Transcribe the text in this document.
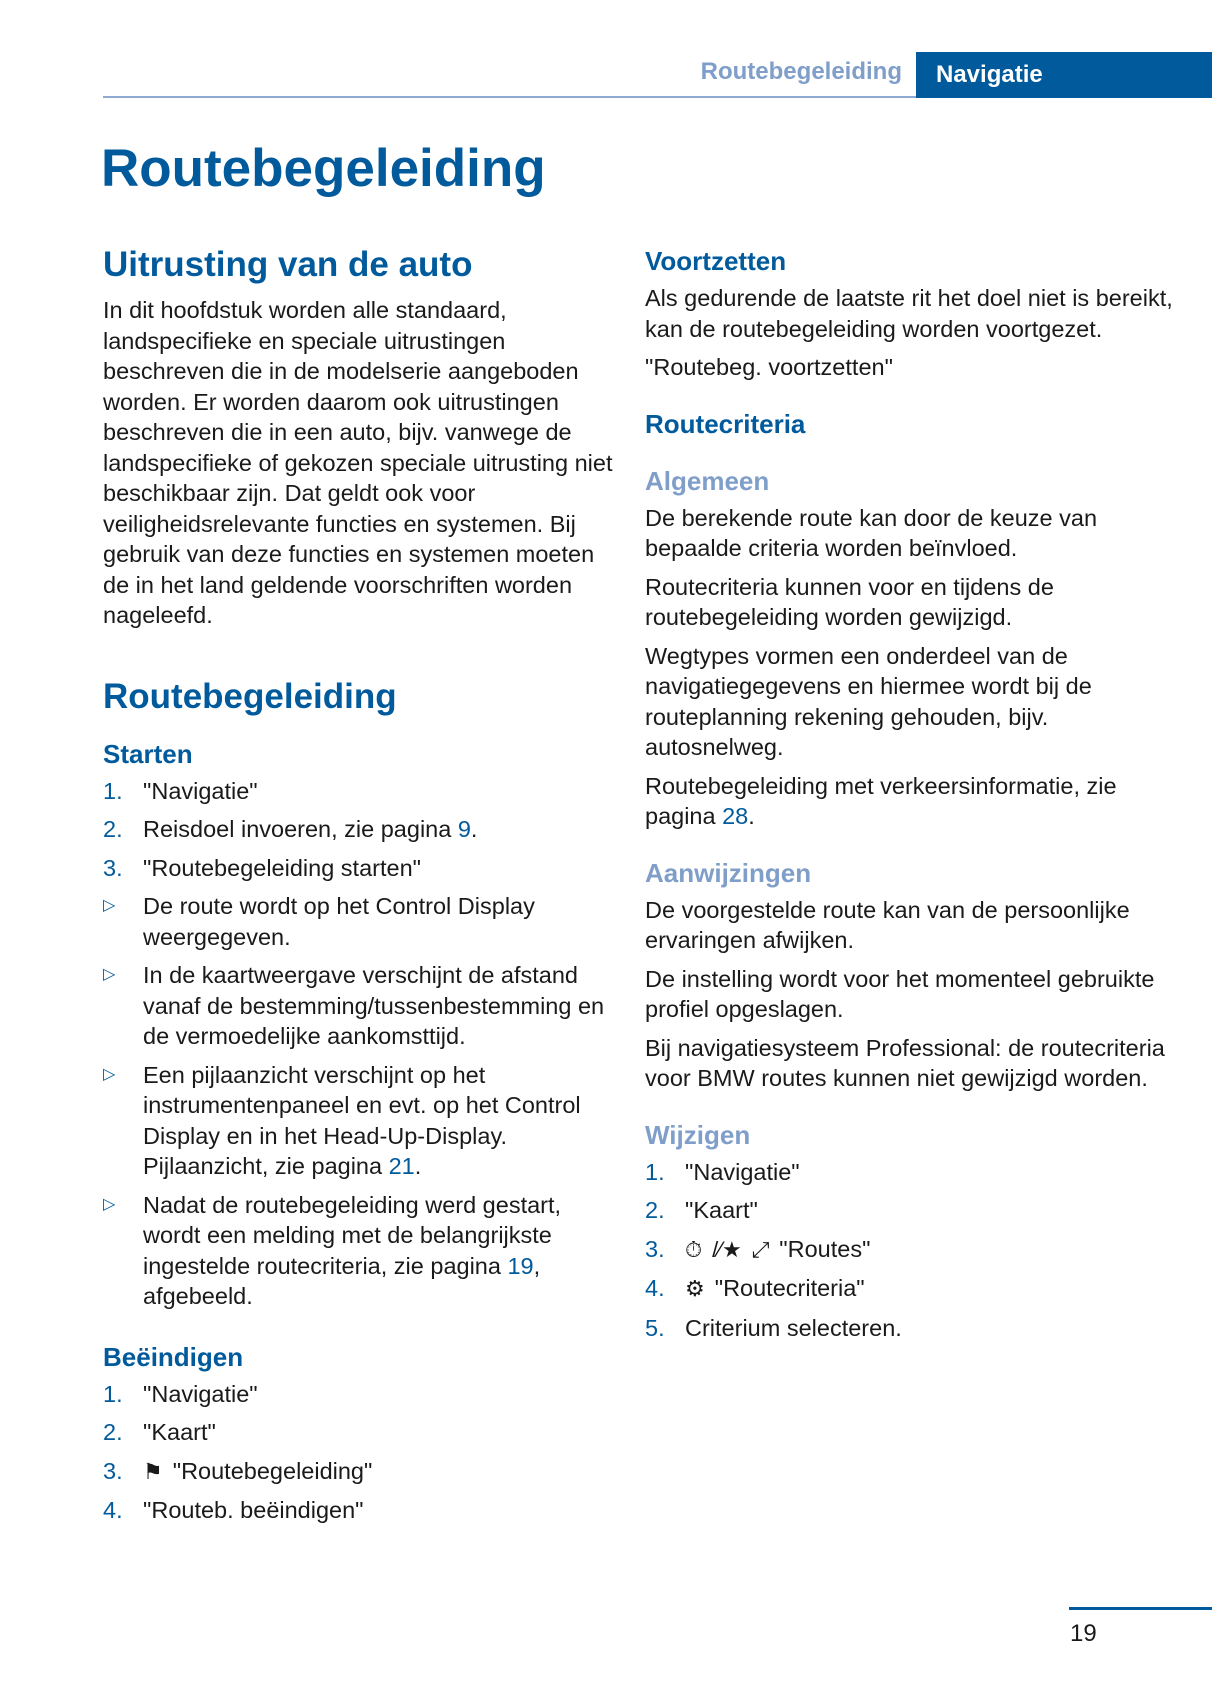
Routebegeleiding	Navigatie
Routebegeleiding
Uitrusting van de auto

In dit hoofdstuk worden alle standaard, landspecifieke en speciale uitrustingen beschreven die in de modelserie aangeboden worden. Er worden daarom ook uitrustingen beschreven die in een auto, bijv. vanwege de landspecifieke of gekozen speciale uitrusting niet beschikbaar zijn. Dat geldt ook voor veiligheidsrelevante functies en systemen. Bij gebruik van deze functies en systemen moeten de in het land geldende voorschriften worden nageleefd.

Routebegeleiding
Starten
1. "Navigatie"
2. Reisdoel invoeren, zie pagina 9.
3. "Routebegeleiding starten"
▷	De route wordt op het Control Display weergegeven.
▷	In de kaartweergave verschijnt de afstand vanaf de bestemming/tussenbestemming en de vermoedelijke aankomsttijd.
▷	Een pijlaanzicht verschijnt op het instrumentenpaneel en evt. op het Control Display en in het Head-Up-Display. Pijlaanzicht, zie pagina 21.
▷	Nadat de routebegeleiding werd gestart, wordt een melding met de belangrijkste ingestelde routecriteria, zie pagina 19, afgebeeld.
Beëindigen
1. "Navigatie"
2. "Kaart"
3. ⚑ "Routebegeleiding"
4. "Routeb. beëindigen"
Voortzetten

Als gedurende de laatste rit het doel niet is bereikt, kan de routebegeleiding worden voortgezet.

"Routebeg. voortzetten"

Routecriteria
Algemeen

De berekende route kan door de keuze van bepaalde criteria worden beïnvloed.

Routecriteria kunnen voor en tijdens de routebegeleiding worden gewijzigd.

Wegtypes vormen een onderdeel van de navigatiegegevens en hiermee wordt bij de routeplanning rekening gehouden, bijv. autosnelweg.

Routebegeleiding met verkeersinformatie, zie pagina 28.

Aanwijzingen

De voorgestelde route kan van de persoonlijke ervaringen afwijken.

De instelling wordt voor het momenteel gebruikte profiel opgeslagen.

Bij navigatiesysteem Professional: de routecriteria voor BMW routes kunnen niet gewijzigd worden.

Wijzigen
1. "Navigatie"
2. "Kaart"
3. ⏱ /⁄★ ⤢ "Routes"
4. ⚙ "Routecriteria"
5. Criterium selecteren.
19
